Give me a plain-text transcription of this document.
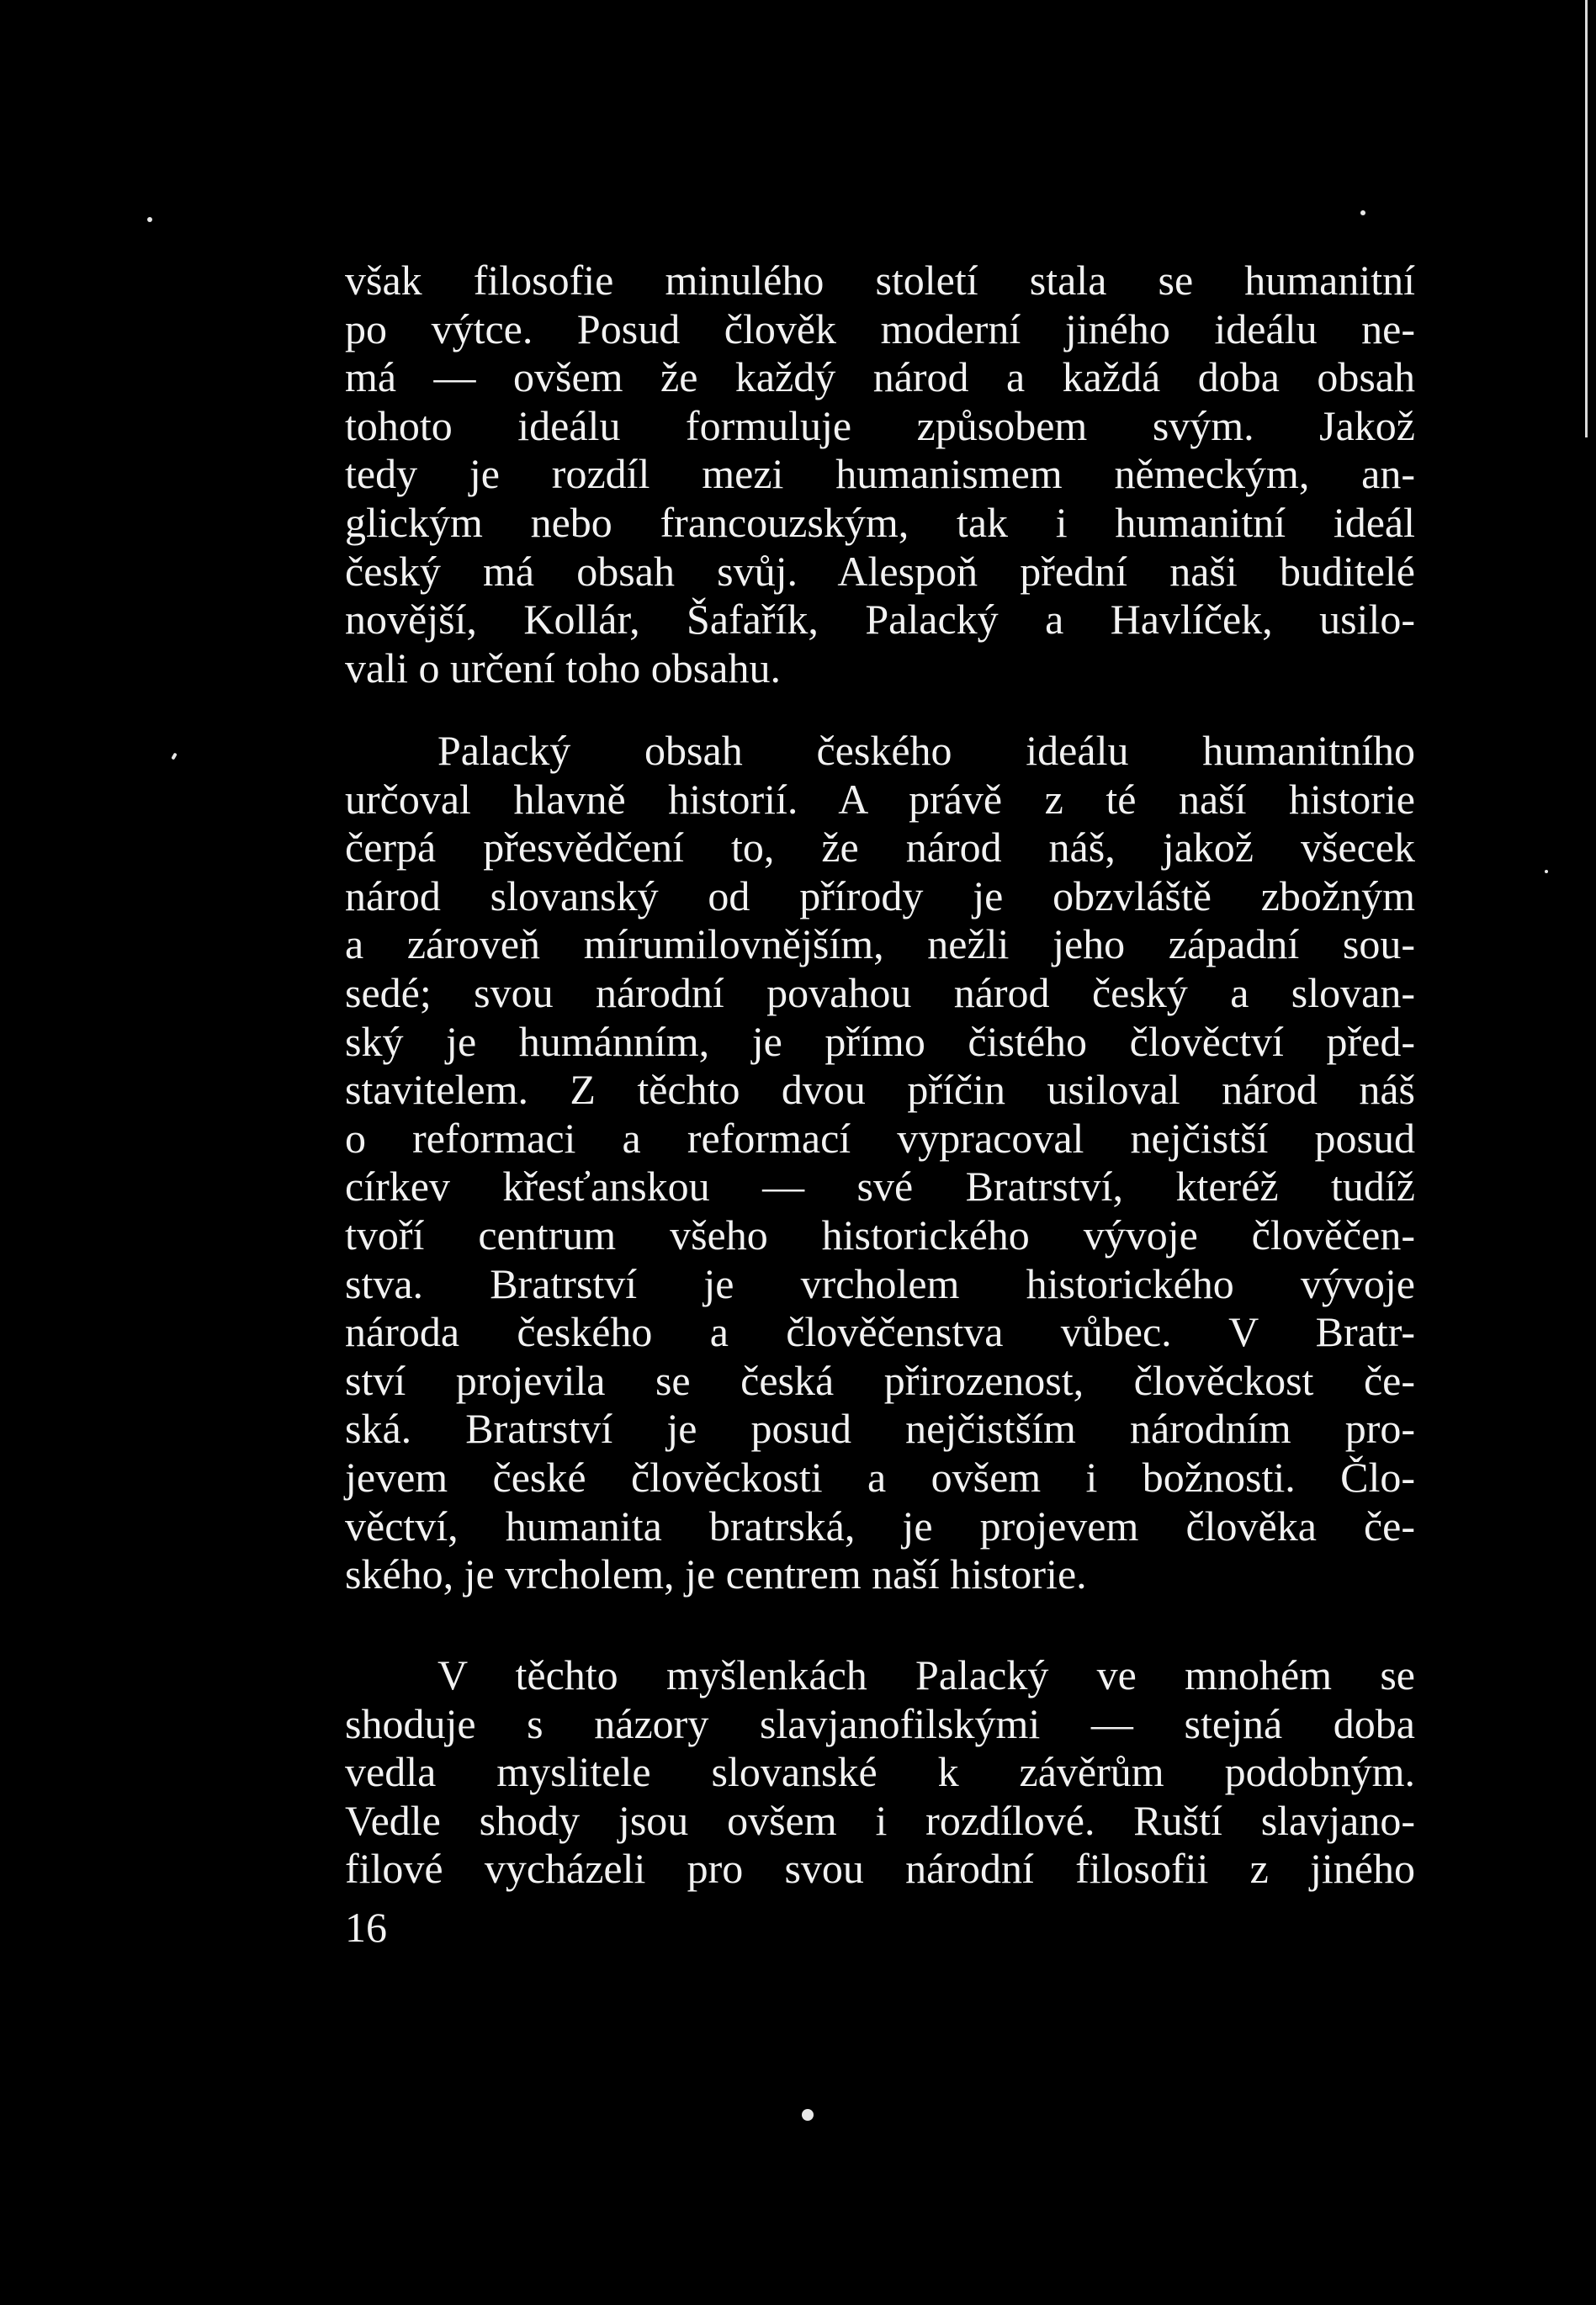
však filosofie minulého století stala se humanitní
po výtce. Posud člověk moderní jiného ideálu ne-
má — ovšem že každý národ a každá doba obsah
tohoto ideálu formuluje způsobem svým. Jakož
tedy je rozdíl mezi humanismem německým, an-
glickým nebo francouzským, tak i humanitní ideál
český má obsah svůj. Alespoň přední naši buditelé
novější, Kollár, Šafařík, Palacký a Havlíček, usilo-
vali o určení toho obsahu.
Palacký obsah českého ideálu humanitního
určoval hlavně historií. A právě z té naší historie
čerpá přesvědčení to, že národ náš, jakož všecek
národ slovanský od přírody je obzvláště zbožným
a zároveň mírumilovnějším, nežli jeho západní sou-
sedé; svou národní povahou národ český a slovan-
ský je humánním, je přímo čistého člověctví před-
stavitelem. Z těchto dvou příčin usiloval národ náš
o reformaci a reformací vypracoval nejčistší posud
církev křesťanskou — své Bratrství, kteréž tudíž
tvoří centrum všeho historického vývoje člověčen-
stva. Bratrství je vrcholem historického vývoje
národa českého a člověčenstva vůbec. V Bratr-
ství projevila se česká přirozenost, člověckost če-
ská. Bratrství je posud nejčistším národním pro-
jevem české člověckosti a ovšem i božnosti. Člo-
věctví, humanita bratrská, je projevem člověka če-
ského, je vrcholem, je centrem naší historie.
V těchto myšlenkách Palacký ve mnohém se
shoduje s názory slavjanofilskými — stejná doba
vedla myslitele slovanské k závěrům podobným.
Vedle shody jsou ovšem i rozdílové. Ruští slavjano-
filové vycházeli pro svou národní filosofii z jiného
16
